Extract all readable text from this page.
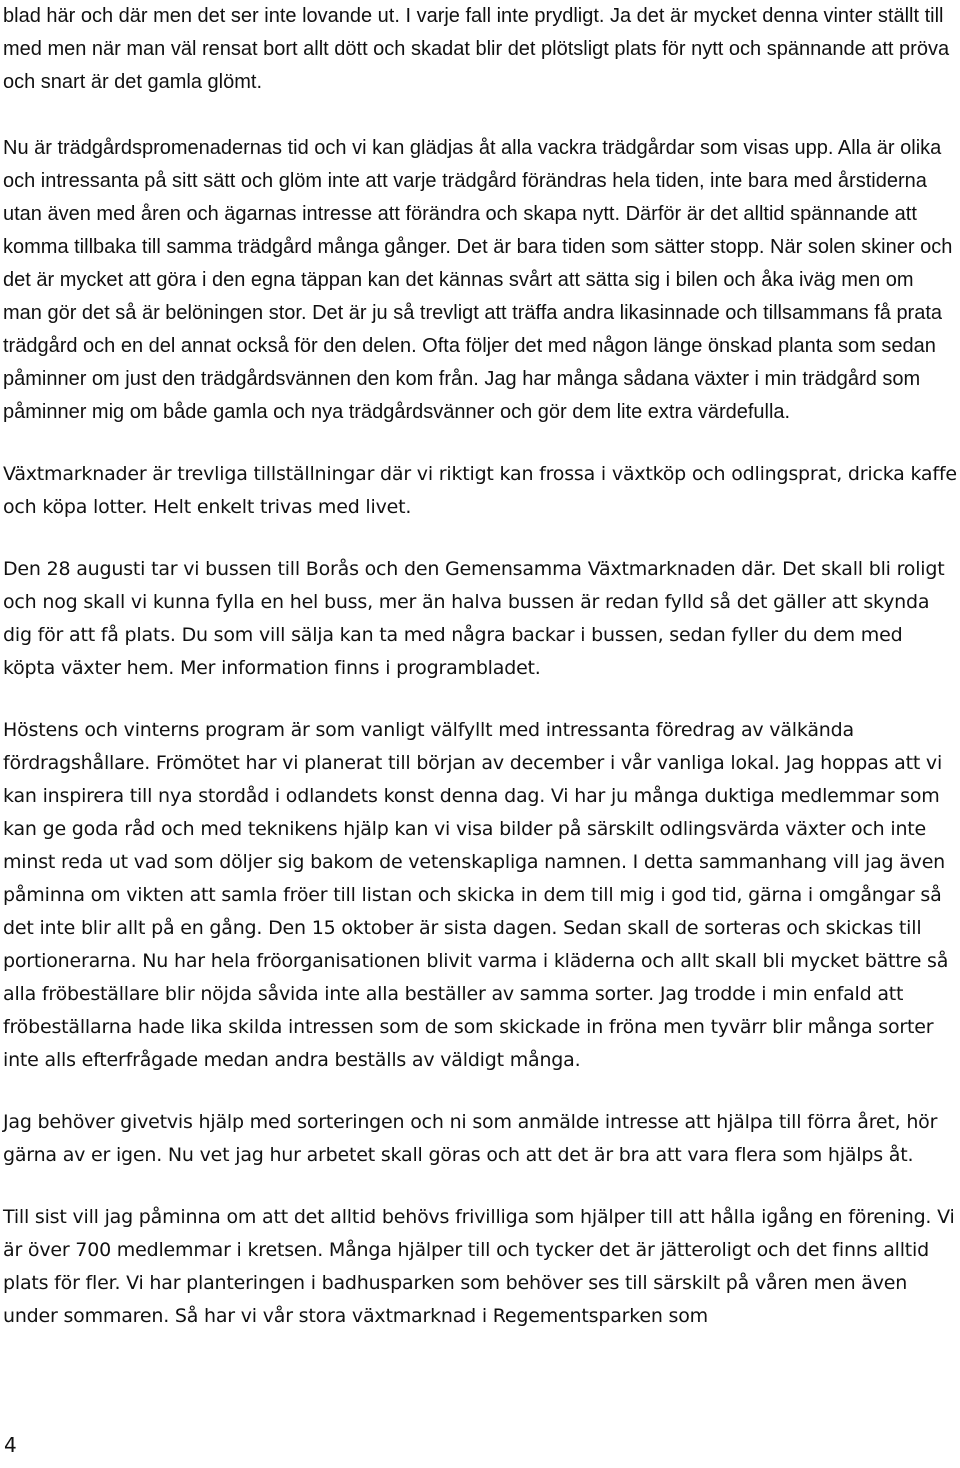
blad här och där men det ser inte lovande ut. I varje fall inte prydligt. Ja det är mycket denna vinter ställt till med men när man väl rensat bort allt dött och skadat blir det plötsligt plats för nytt och spännande att pröva och snart är det gamla glömt.

Nu är trädgårdspromenadernas tid och vi kan glädjas åt alla vackra trädgårdar som visas upp. Alla är olika och intressanta på sitt sätt och glöm inte att varje trädgård förändras hela tiden, inte bara med årstiderna utan även med åren och ägarnas intresse att förändra och skapa nytt. Därför är det alltid spännande att komma tillbaka till samma trädgård många gånger. Det är bara tiden som sätter stopp. När solen skiner och det är mycket att göra i den egna täppan kan det kännas svårt att sätta sig i bilen och åka iväg men om man gör det så är belöningen stor. Det är ju så trevligt att träffa andra likasinnade och tillsammans få prata trädgård och en del annat också för den delen. Ofta följer det med någon länge önskad planta som sedan påminner om just den trädgårdsvännen den kom från. Jag har många sådana växter i min trädgård som påminner mig om både gamla och nya trädgårdsvänner och gör dem lite extra värdefulla.

Växtmarknader är trevliga tillställningar där vi riktigt kan frossa i växtköp och odlingsprat, dricka kaffe och köpa lotter. Helt enkelt trivas med livet.

Den 28 augusti tar vi bussen till Borås och den Gemensamma Växtmarknaden där. Det skall bli roligt och nog skall vi kunna fylla en hel buss, mer än halva bussen är redan fylld så det gäller att skynda dig för att få plats. Du som vill sälja kan ta med några backar i bussen, sedan fyller du dem med köpta växter hem. Mer information finns i programbladet.

Höstens och vinterns program är som vanligt välfyllt med intressanta föredrag av välkända fördragshållare. Frömötet har vi planerat till början av december i vår vanliga lokal. Jag hoppas att vi kan inspirera till nya stordåd i odlandets konst denna dag. Vi har ju många duktiga medlemmar som kan ge goda råd och med teknikens hjälp kan vi visa bilder på särskilt odlingsvärda växter och inte minst reda ut vad som döljer sig bakom de vetenskapliga namnen. I detta sammanhang vill jag även påminna om vikten att samla fröer till listan och skicka in dem till mig i god tid, gärna i omgångar så det inte blir allt på en gång. Den 15 oktober är sista dagen. Sedan skall de sorteras och skickas till portionerarna. Nu har hela fröorganisationen blivit varma i kläderna och allt skall bli mycket bättre så alla fröbeställare blir nöjda såvida inte alla beställer av samma sorter. Jag trodde i min enfald att fröbeställarna hade lika skilda intressen som de som skickade in fröna men tyvärr blir många sorter inte alls efterfrågade medan andra beställs av väldigt många.

Jag behöver givetvis hjälp med sorteringen och ni som anmälde intresse att hjälpa till förra året, hör gärna av er igen. Nu vet jag hur arbetet skall göras och att det är bra att vara flera som hjälps åt.

Till sist vill jag påminna om att det alltid behövs frivilliga som hjälper till att hålla igång en förening. Vi är över 700 medlemmar i kretsen. Många hjälper till och tycker det är jätteroligt och det finns alltid plats för fler. Vi har planteringen i badhusparken som behöver ses till särskilt på våren men även under sommaren. Så har vi vår stora växtmarknad i Regementsparken som

4
